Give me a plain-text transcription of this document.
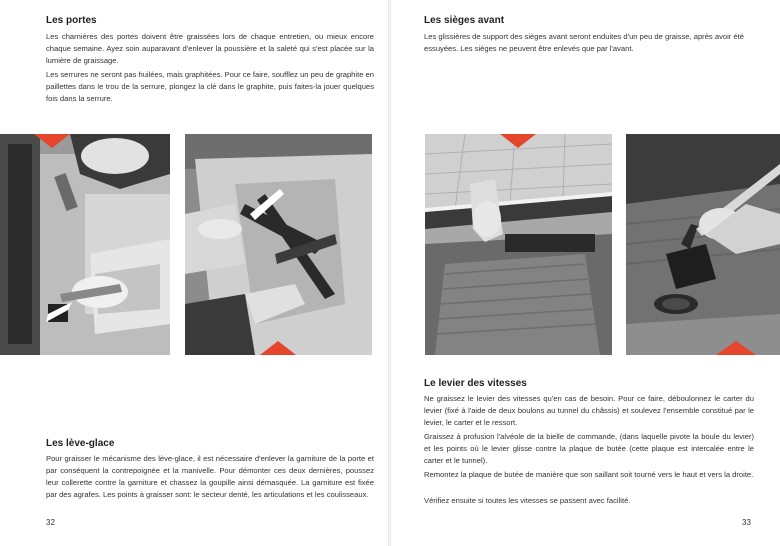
Les portes

Les charnières des portes doivent être graissées lors de chaque entretien, ou mieux encore chaque semaine. Ayez soin auparavant d'enlever la poussière et la saleté qui s'est placée sur la lumière de graissage.

Les serrures ne seront pas huilées, mais graphitées. Pour ce faire, soufflez un peu de graphite en paillettes dans le trou de la serrure, plongez la clé dans le graphite, puis faites-la jouer quelques fois dans la serrure.

Les lève-glace

Pour graisser le mécanisme des lève-glace, il est nécessaire d'enlever la garniture de la porte et par conséquent la contrepoignée et la manivelle. Pour démonter ces deux dernières, poussez leur collerette contre la garniture et chassez la goupille ainsi démasquée. La garniture est fixée par des agrafes. Les points à graisser sont: le secteur denté, les articulations et les coulisseaux.

32
Les sièges avant

Les glissières de support des sièges avant seront enduites d'un peu de graisse, après avoir été essuyées. Les sièges ne peuvent être enlevés que par l'avant.

Le levier des vitesses

Ne graissez le levier des vitesses qu'en cas de besoin. Pour ce faire, déboulonnez le carter du levier (fixé à l'aide de deux boulons au tunnel du châssis) et soulevez l'ensemble constitué par le levier, le carter et le ressort.

Graissez à profusion l'alvéole de la bielle de commande, (dans laquelle pivote la boule du levier) et les points où le levier glisse contre la plaque de butée (cette plaque est intercalée entre le carter et le tunnel).

Remontez la plaque de butée de manière que son saillant soit tourné vers le haut et vers la droite.

Vérifiez ensuite si toutes les vitesses se passent avec facilité.

33
